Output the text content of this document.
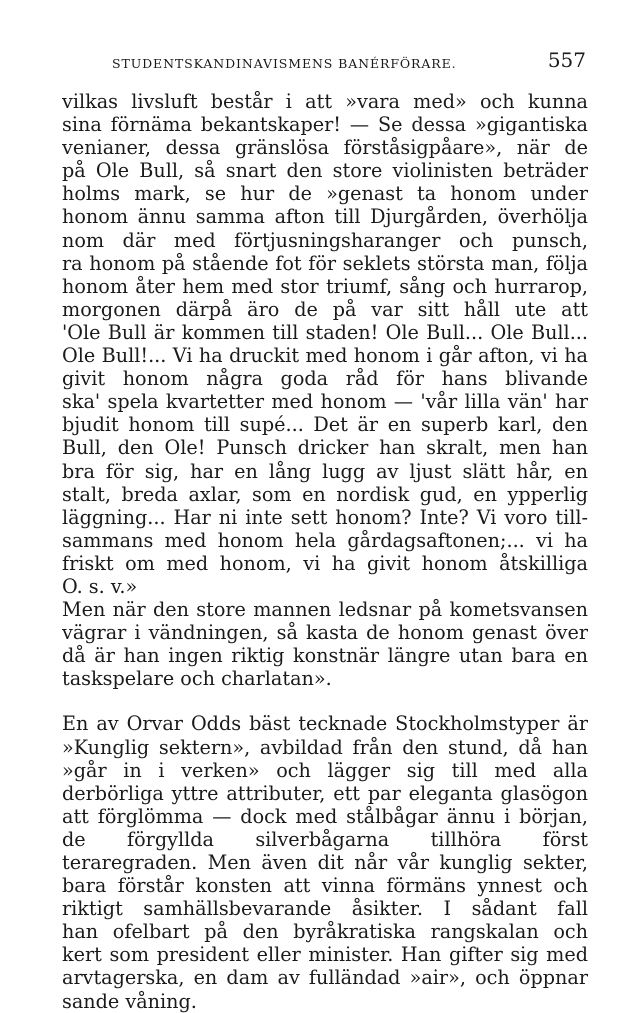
STUDENTSKANDINAVISMENS BANÉRFÖRARE.	557
vilkas livsluft består i att »vara med» och kunna
sina förnäma bekantskaper! — Se dessa »gigantiska
venianer, dessa gränslösa förståsigpåare», när de
på Ole Bull, så snart den store violinisten beträder
holms mark, se hur de »genast ta honom under
honom ännu samma afton till Djurgården, överhölja
nom där med förtjusningsharanger och punsch,
ra honom på stående fot för seklets största man, följa
honom åter hem med stor triumf, sång och hurrarop,
morgonen därpå äro de på var sitt håll ute att
'Ole Bull är kommen till staden! Ole Bull... Ole Bull...
Ole Bull!... Vi ha druckit med honom i går afton, vi ha
givit honom några goda råd för hans blivande
ska' spela kvartetter med honom — 'vår lilla vän' har
bjudit honom till supé... Det är en superb karl, den
Bull, den Ole! Punsch dricker han skralt, men han
bra för sig, har en lång lugg av ljust slätt hår, en
stalt, breda axlar, som en nordisk gud, en ypperlig
läggning... Har ni inte sett honom? Inte? Vi voro till-
sammans med honom hela gårdagsaftonen;... vi ha
friskt om med honom, vi ha givit honom åtskilliga
O. s. v.»
Men när den store mannen ledsnar på kometsvansen
vägrar i vändningen, så kasta de honom genast över
då är han ingen riktig konstnär längre utan bara en
taskspelare och charlatan».
En av Orvar Odds bäst tecknade Stockholmstyper är
»Kunglig sektern», avbildad från den stund, då han
»går in i verken» och lägger sig till med alla
derbörliga yttre attributer, ett par eleganta glasögon
att förglömma — dock med stålbågar ännu i början,
de förgyllda silverbågarna tillhöra först
teraregraden. Men även dit når vår kunglig sekter,
bara förstår konsten att vinna förmäns ynnest och
riktigt samhällsbevarande åsikter. I sådant fall
han ofelbart på den byråkratiska rangskalan och
kert som president eller minister. Han gifter sig med
arvtagerska, en dam av fulländad »air», och öppnar
sande våning.
